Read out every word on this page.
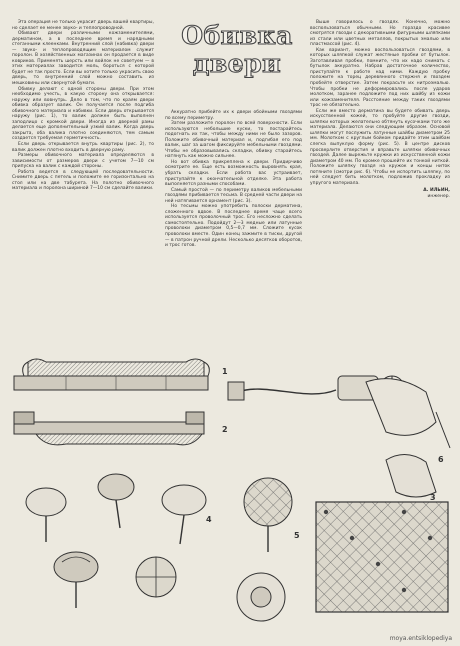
Эта операция не только украсит дверь вашей квартиры, но сделает ее менее звуко- и теплопроводной.

Обивают двери различными кожзаменителями, дерматином, а в последнее время и нарядными стеганными клеенками. Внутренний слой (набивка) двери — звуко- и теплопроводящим материалом служит поролон. В хозяйственных магазинах он продается в виде ковриков. Применять шерсть или войлок не советуем — в этих материалах заводится моль, бороться с которой будет не так просто. Если вы хотите только украсить свою дверь, то внутренний слой можно составить из мешковины или свернутой бумаги.

Обивку делают с одной стороны двери. При этом необходимо учесть, в какую сторону она открывается: наружу или вовнутрь. Дело в том, что по краям двери обивка образует валик. Он получается после подгиба обивочного материала и набивки. Если дверь открывается наружу (рис. 1), то валик должен быть выполнен заподлицо с кромкой двери. Иногда из дверной рамы делается еще дополнительный узкий валик. Когда дверь закрыта, оба валика плотно соединяются, тем самым создается требуемая герметичность.

Если дверь открывается внутрь квартиры (рис. 2), то валик должен плотно входить в дверную раму.

Размеры обивочного материала определяются в зависимости от размеров двери с учетом 7—10 см припуска на валик с каждой стороны.

Работа ведется в следующей последовательности. Снимите дверь с петель и положите ее горизонтально на стол или на две табурета. На полотно обивочного материала и поролона шириной 7—10 см сделайте валики.

Обивка
двери

Аккуратно прибейте их к двери обойными гвоздями по всему периметру.

Затем разложите поролон по всей поверхности. Если используются небольшие куски, то постарайтесь подогнать их так, чтобы между ними не было зазоров. Положите обивочный материал и, подгибая его под валик, шаг за шагом фиксируйте мебельными гвоздями. Чтобы не образовывались складки, обивку старайтесь натянуть как можно сильнее.

Но вот обивка прикреплена к двери. Придирчиво осмотрите ее. Еще есть возможность выровнять края, убрать складки. Если работа вас устраивает, приступайте к окончательной отделке. Эта работа выполняется разными способами.

Самый простой — по периметру валиков мебельными гвоздями прибивается тесьма. В средней части двери на ней натягивается орнамент (рис. 3).

Но тесьмы можно употребить полоски дерматина, сложенного вдвое. В последнее время чаще всего используется проволочный трос. Его несложно сделать самостоятельно. Подойдут 2—3 медные или латунные проволоки диаметром 0,5—0,7 мм. Сложите кусок проволоки вместе. Один конец зажмите в тиски, другой — в патрон ручной дрели. Несколько десятков оборотов, и трос готов.

Выше говорилось о гвоздях. Конечно, можно воспользоваться обычными. Но гораздо красивее смотрятся гвозди с декоративными фигурными шляпками из стали или цветных металлов, покрытых эмалью или пластмассой (рис. 4).

Как вариант, можно воспользоваться гвоздями, в которых шляпкой служат жестяные пробки от бутылок. Заготавливая пробки, помните, что их надо снимать с бутылок аккуратно. Набрав достаточное количество, приступайте к работе над ними. Каждую пробку положите на торец деревянного стержня и гвоздем пробейте отверстие. Затем покрасьте их нитроэмалью. Чтобы пробки не деформировались после ударов молотком, заранее подложите под них шайбу из кожи или кожзаменителя. Расстояние между таких гвоздями трос не обязательно.

Если же вместо дерматина вы будете обивать дверь искусственной кожей, то пробуйте другие гвозди, шляпки которых желательно обтянуть кусочками того же материала. Делаются они следующим образом. Основой шляпки могут послужить латунные шайбы диаметром 25 мм. Молотком с круглым бойком придайте этим шайбам слегка выпуклую форму (рис. 5). В центре дисков просверлите отверстия и вправьте шляпки обивочных гвоздей. Далее вырежьте кружки из искусственной кожи диаметром 40 мм. По кромке прошейте их тонкой ниткой. Положите шляпку гвоздя на кружок и концы ниток потяните (смотри рис. 6). Чтобы не испортить шляпку, по ней следует бить молотком, подложив прокладку из упругого материала.

А. ИЛЬИН,

инженер.

1
2
4
5
3
6
moya.entsiklopediya
